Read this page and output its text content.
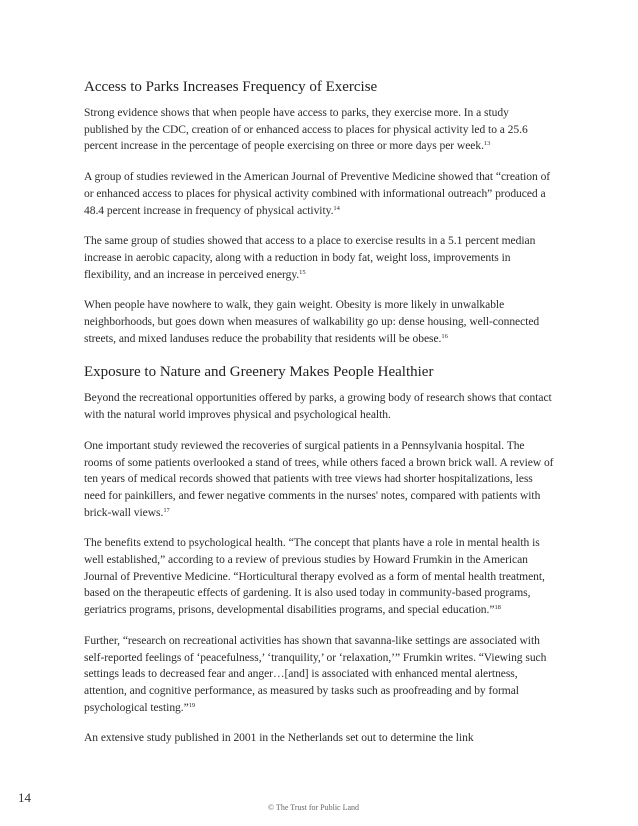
Access to Parks Increases Frequency of Exercise

Strong evidence shows that when people have access to parks, they exercise more. In a study published by the CDC, creation of or enhanced access to places for physical activity led to a 25.6 percent increase in the percentage of people exercising on three or more days per week.$^{13}$

A group of studies reviewed in the American Journal of Preventive Medicine showed that “creation of or enhanced access to places for physical activity combined with informational outreach” produced a 48.4 percent increase in frequency of physical activity.$^{14}$

The same group of studies showed that access to a place to exercise results in a 5.1 percent median increase in aerobic capacity, along with a reduction in body fat, weight loss, improvements in flexibility, and an increase in perceived energy.$^{15}$

When people have nowhere to walk, they gain weight. Obesity is more likely in unwalkable neighborhoods, but goes down when measures of walkability go up: dense housing, well-connected streets, and mixed landuses reduce the probability that residents will be obese.$^{16}$

Exposure to Nature and Greenery Makes People Healthier

Beyond the recreational opportunities offered by parks, a growing body of research shows that contact with the natural world improves physical and psychological health.

One important study reviewed the recoveries of surgical patients in a Pennsylvania hospital. The rooms of some patients overlooked a stand of trees, while others faced a brown brick wall. A review of ten years of medical records showed that patients with tree views had shorter hospitalizations, less need for painkillers, and fewer negative comments in the nurses' notes, compared with patients with brick-wall views.$^{17}$

The benefits extend to psychological health. “The concept that plants have a role in mental health is well established,” according to a review of previous studies by Howard Frumkin in the American Journal of Preventive Medicine. “Horticultural therapy evolved as a form of mental health treatment, based on the therapeutic effects of gardening. It is also used today in community-based programs, geriatrics programs, prisons, developmental disabilities programs, and special education.”$^{18}$

Further, “research on recreational activities has shown that savanna-like settings are associated with self-reported feelings of ‘peacefulness,’ ‘tranquility,’ or ‘relaxation,’” Frumkin writes. “Viewing such settings leads to decreased fear and anger…[and] is associated with enhanced mental alertness, attention, and cognitive performance, as measured by tasks such as proofreading and by formal psychological testing.”$^{19}$

An extensive study published in 2001 in the Netherlands set out to determine the link

14
© The Trust for Public Land
